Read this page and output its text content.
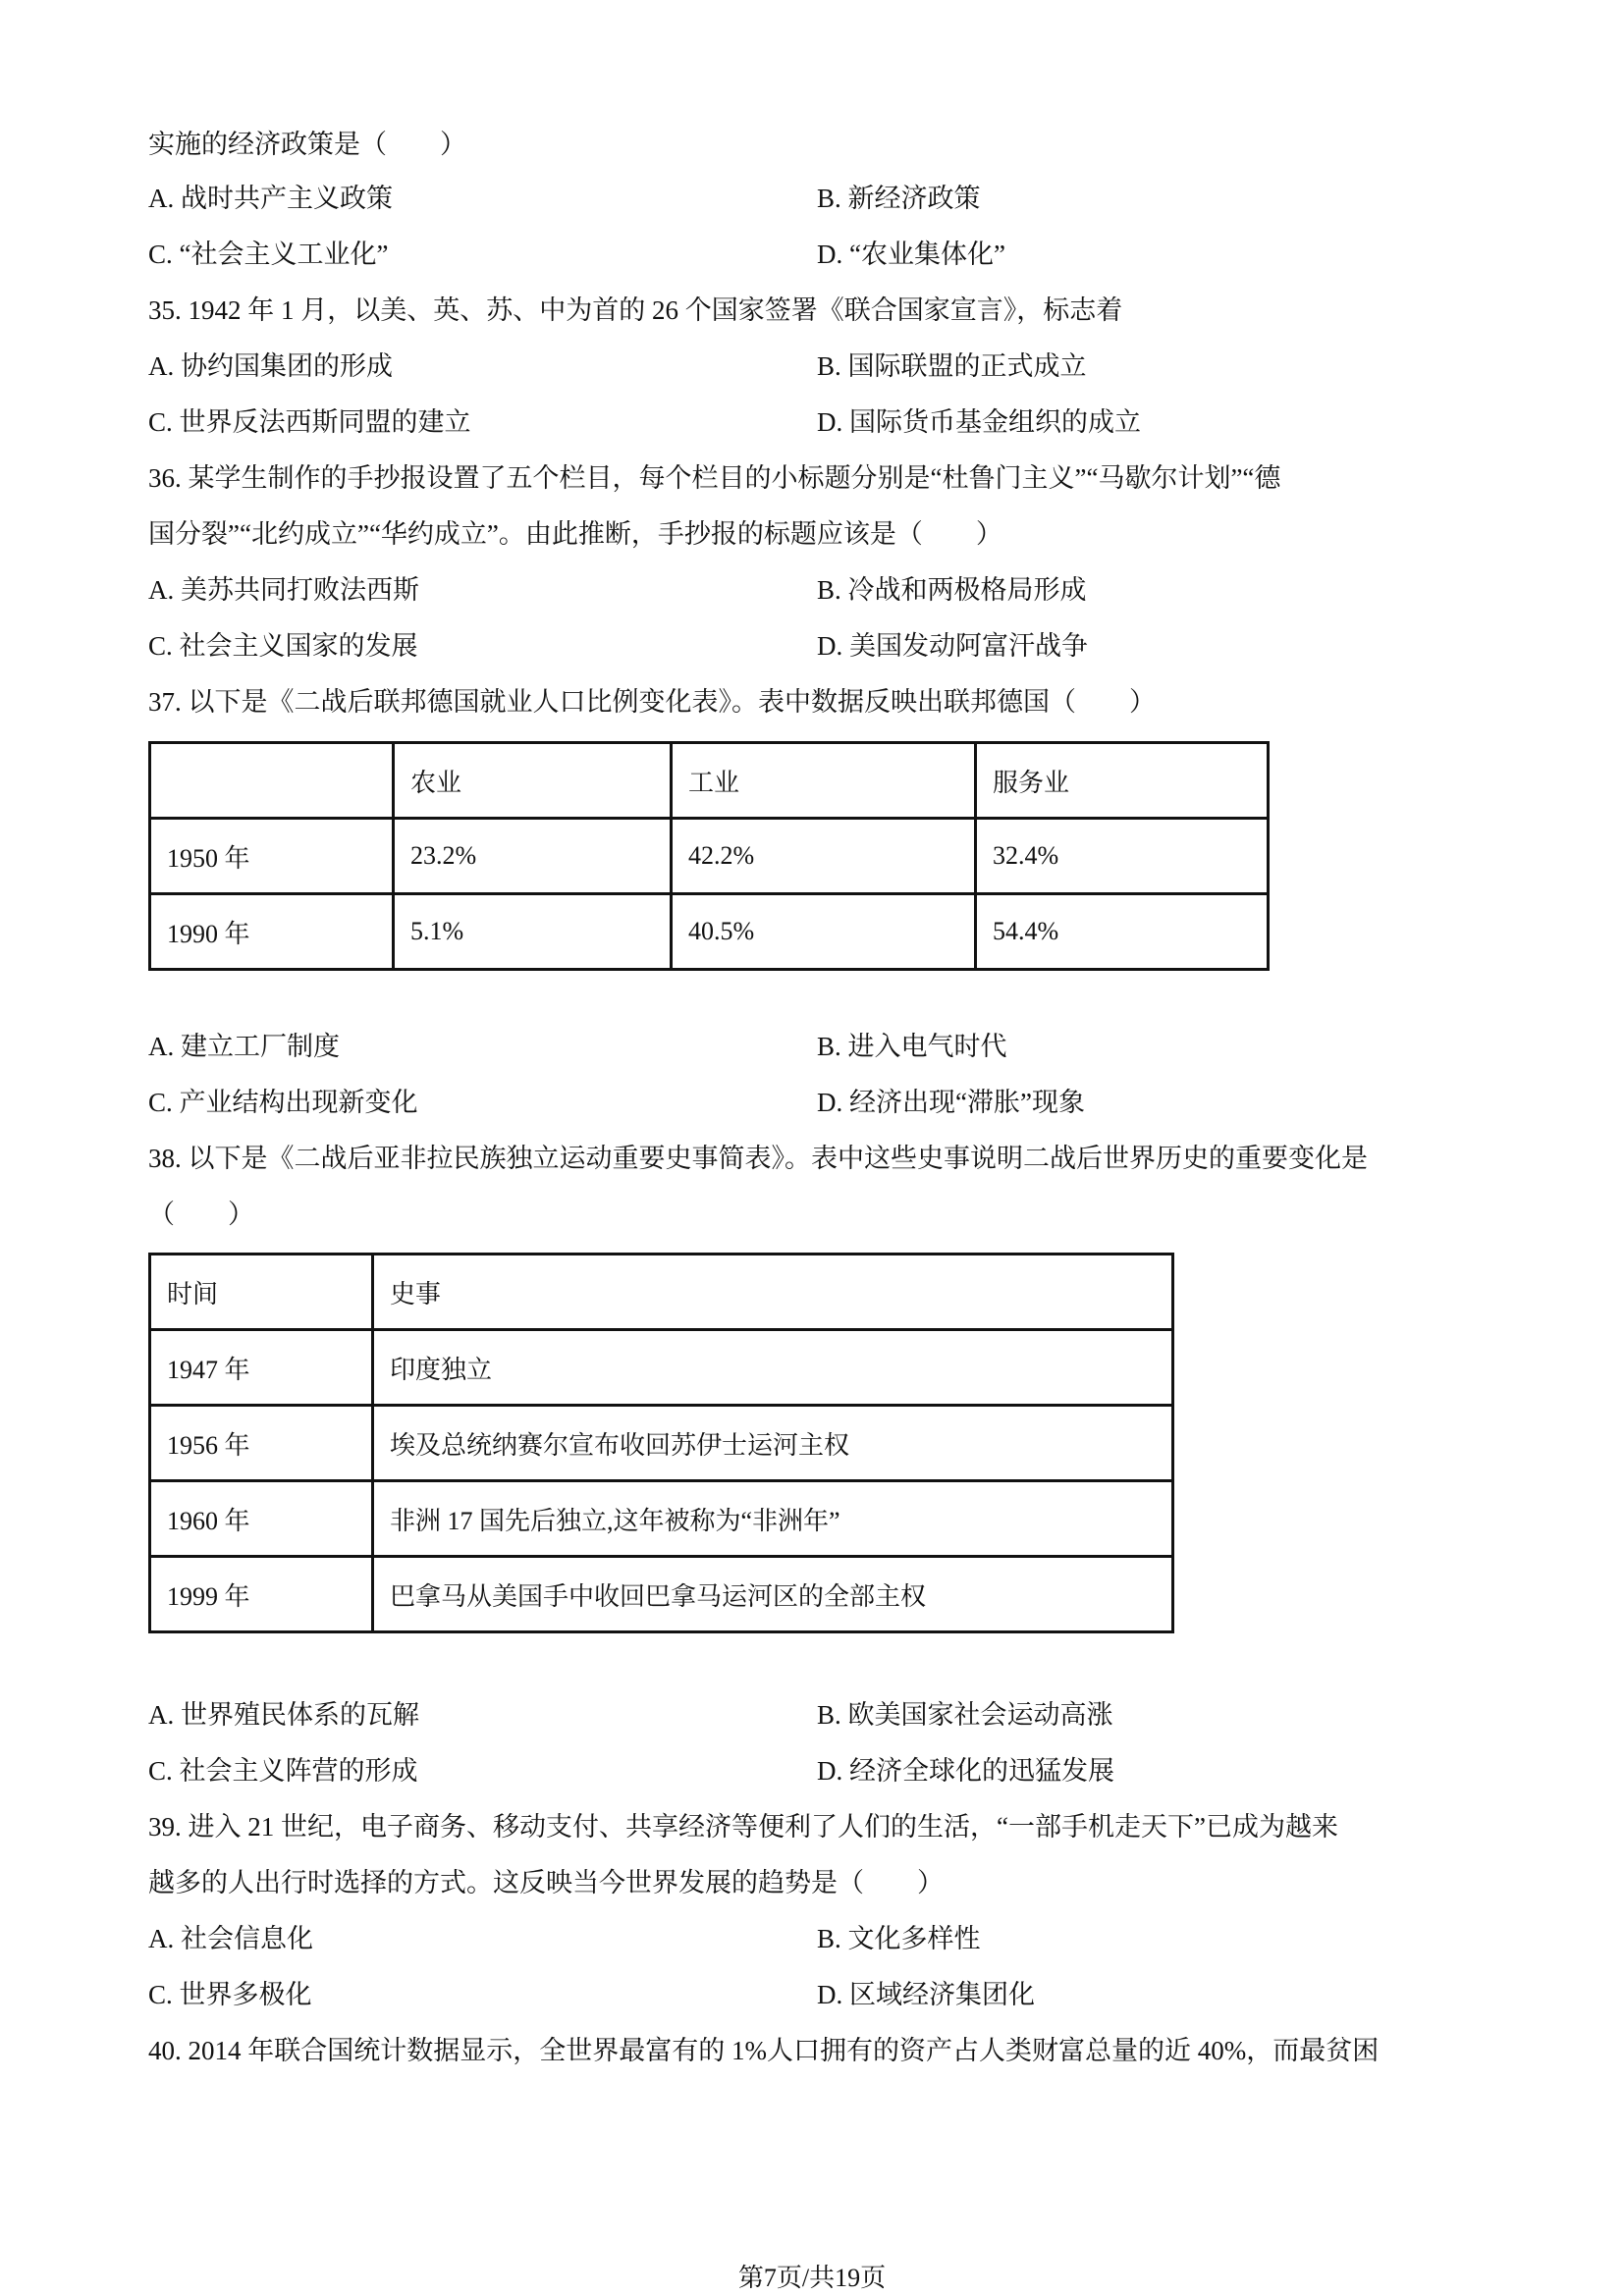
实施的经济政策是（　　）
A. 战时共产主义政策	B. 新经济政策
C. “社会主义工业化”	D. “农业集体化”
35. 1942 年 1 月，以美、英、苏、中为首的 26 个国家签署《联合国家宣言》，标志着
A. 协约国集团的形成	B. 国际联盟的正式成立
C. 世界反法西斯同盟的建立	D. 国际货币基金组织的成立
36. 某学生制作的手抄报设置了五个栏目，每个栏目的小标题分别是“杜鲁门主义”“马歇尔计划”“德
国分裂”“北约成立”“华约成立”。由此推断，手抄报的标题应该是（　　）
A. 美苏共同打败法西斯	B. 冷战和两极格局形成
C. 社会主义国家的发展	D. 美国发动阿富汗战争
37. 以下是《二战后联邦德国就业人口比例变化表》。表中数据反映出联邦德国（　　）
	农业	工业	服务业
1950 年	23.2%	42.2%	32.4%
1990 年	5.1%	40.5%	54.4%
A. 建立工厂制度	B. 进入电气时代
C. 产业结构出现新变化	D. 经济出现“滞胀”现象
38. 以下是《二战后亚非拉民族独立运动重要史事简表》。表中这些史事说明二战后世界历史的重要变化是
（　　）
时间	史事
1947 年	印度独立
1956 年	埃及总统纳赛尔宣布收回苏伊士运河主权
1960 年	非洲 17 国先后独立,这年被称为“非洲年”
1999 年	巴拿马从美国手中收回巴拿马运河区的全部主权
A. 世界殖民体系的瓦解	B. 欧美国家社会运动高涨
C. 社会主义阵营的形成	D. 经济全球化的迅猛发展
39. 进入 21 世纪，电子商务、移动支付、共享经济等便利了人们的生活，“一部手机走天下”已成为越来
越多的人出行时选择的方式。这反映当今世界发展的趋势是（　　）
A. 社会信息化	B. 文化多样性
C. 世界多极化	D. 区域经济集团化
40. 2014 年联合国统计数据显示，全世界最富有的 1%人口拥有的资产占人类财富总量的近 40%，而最贫困
第7页/共19页
